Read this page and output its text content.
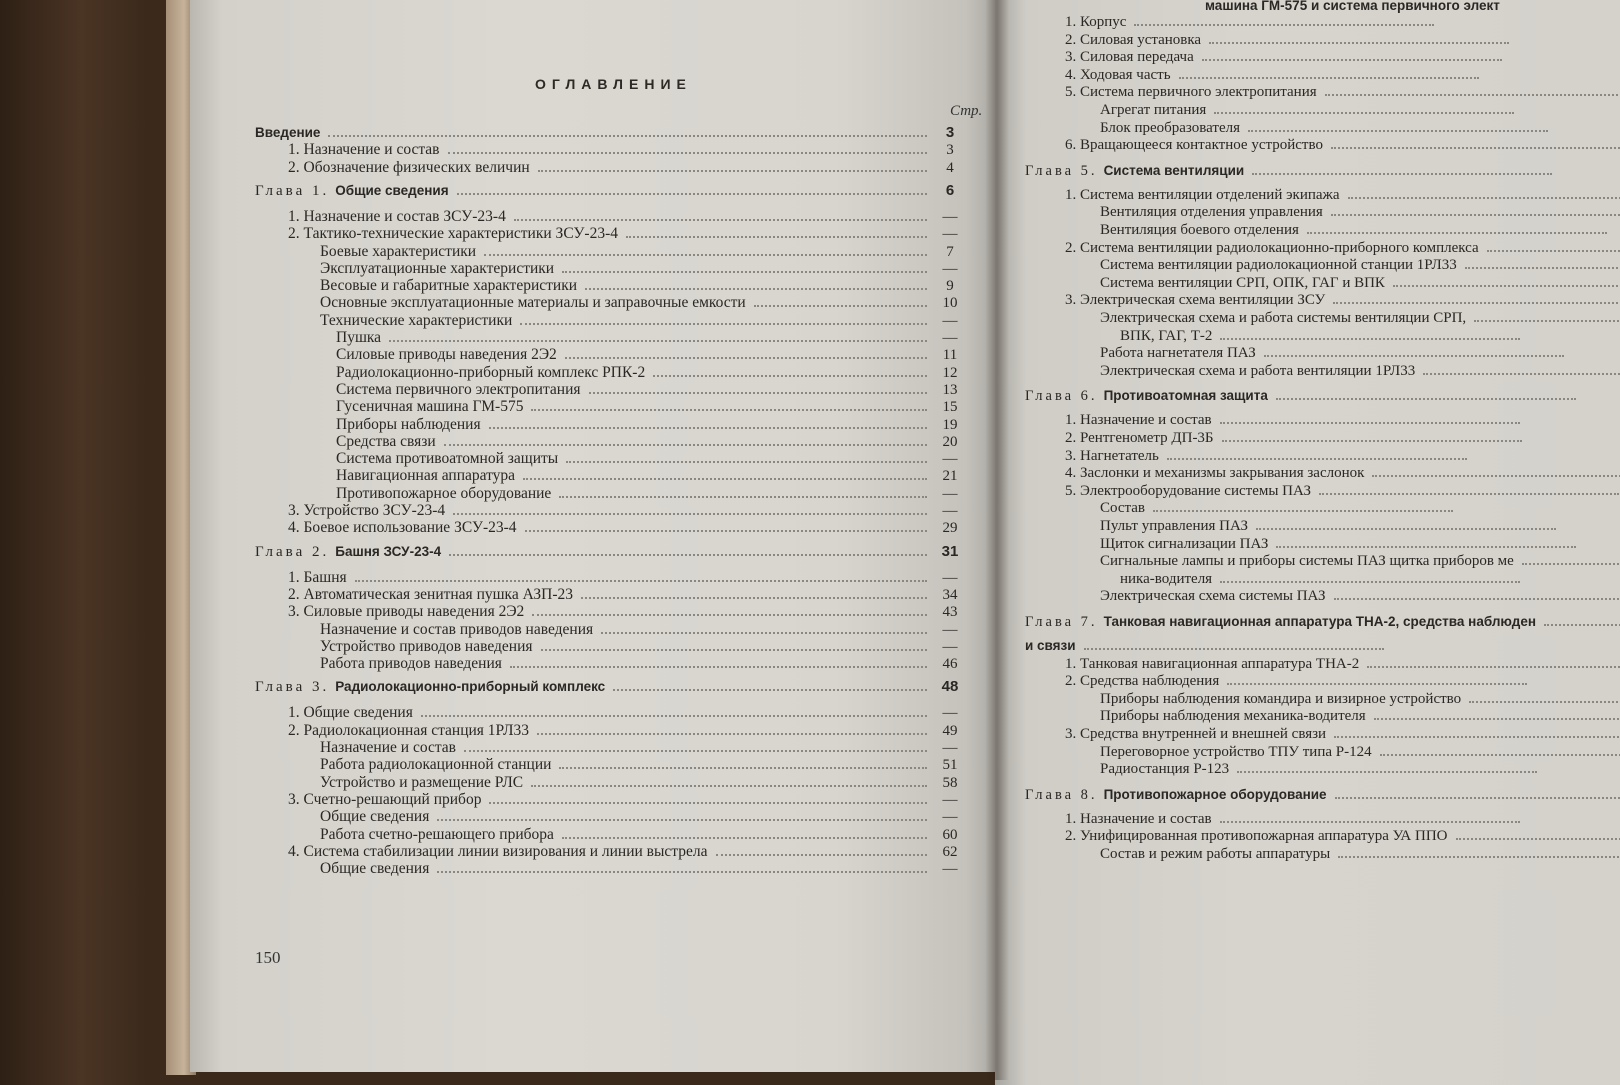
машина ГМ-575 и система первичного элект
1. Корпус
2. Силовая установка
3. Силовая передача
4. Ходовая часть
5. Система первичного электропитания
Агрегат питания
Блок преобразователя
6. Вращающееся контактное устройство
Глава 5. Система вентиляции
1. Система вентиляции отделений экипажа
Вентиляция отделения управления
Вентиляция боевого отделения
2. Система вентиляции радиолокационно-приборного комплекса
Система вентиляции радиолокационной станции 1РЛ33
Система вентиляции СРП, ОПК, ГАГ и ВПК
3. Электрическая схема вентиляции ЗСУ
Электрическая схема и работа системы вентиляции СРП,
ВПК, ГАГ, Т-2
Работа нагнетателя ПАЗ
Электрическая схема и работа вентиляции 1РЛ33
Глава 6. Противоатомная защита
1. Назначение и состав
2. Рентгенометр ДП-3Б
3. Нагнетатель
4. Заслонки и механизмы закрывания заслонок
5. Электрооборудование системы ПАЗ
Состав
Пульт управления ПАЗ
Щиток сигнализации ПАЗ
Сигнальные лампы и приборы системы ПАЗ щитка приборов ме
ника-водителя
Электрическая схема системы ПАЗ
Глава 7. Танковая навигационная аппаратура ТНА-2, средства наблюден
и связи
1. Танковая навигационная аппаратура ТНА-2
2. Средства наблюдения
Приборы наблюдения командира и визирное устройство
Приборы наблюдения механика-водителя
3. Средства внутренней и внешней связи
Переговорное устройство ТПУ типа Р-124
Радиостанция Р-123
Глава 8. Противопожарное оборудование
1. Назначение и состав
2. Унифицированная противопожарная аппаратура УА ППО
Состав и режим работы аппаратуры
ОГЛАВЛЕНИЕ
Стр.
Введение	3
1. Назначение и состав	3
2. Обозначение физических величин	4
Глава 1. Общие сведения	6
1. Назначение и состав ЗСУ-23-4	—
2. Тактико-технические характеристики ЗСУ-23-4	—
Боевые характеристики	7
Эксплуатационные характеристики	—
Весовые и габаритные характеристики	9
Основные эксплуатационные материалы и заправочные емкости	10
Технические характеристики	—
Пушка	—
Силовые приводы наведения 2Э2	11
Радиолокационно-приборный комплекс РПК-2	12
Система первичного электропитания	13
Гусеничная машина ГМ-575	15
Приборы наблюдения	19
Средства связи	20
Система противоатомной защиты	—
Навигационная аппаратура	21
Противопожарное оборудование	—
3. Устройство ЗСУ-23-4	—
4. Боевое использование ЗСУ-23-4	29
Глава 2. Башня ЗСУ-23-4	31
1. Башня	—
2. Автоматическая зенитная пушка АЗП-23	34
3. Силовые приводы наведения 2Э2	43
Назначение и состав приводов наведения	—
Устройство приводов наведения	—
Работа приводов наведения	46
Глава 3. Радиолокационно-приборный комплекс	48
1. Общие сведения	—
2. Радиолокационная станция 1РЛ33	49
Назначение и состав	—
Работа радиолокационной станции	51
Устройство и размещение РЛС	58
3. Счетно-решающий прибор	—
Общие сведения	—
Работа счетно-решающего прибора	60
4. Система стабилизации линии визирования и линии выстрела	62
Общие сведения	—
150
